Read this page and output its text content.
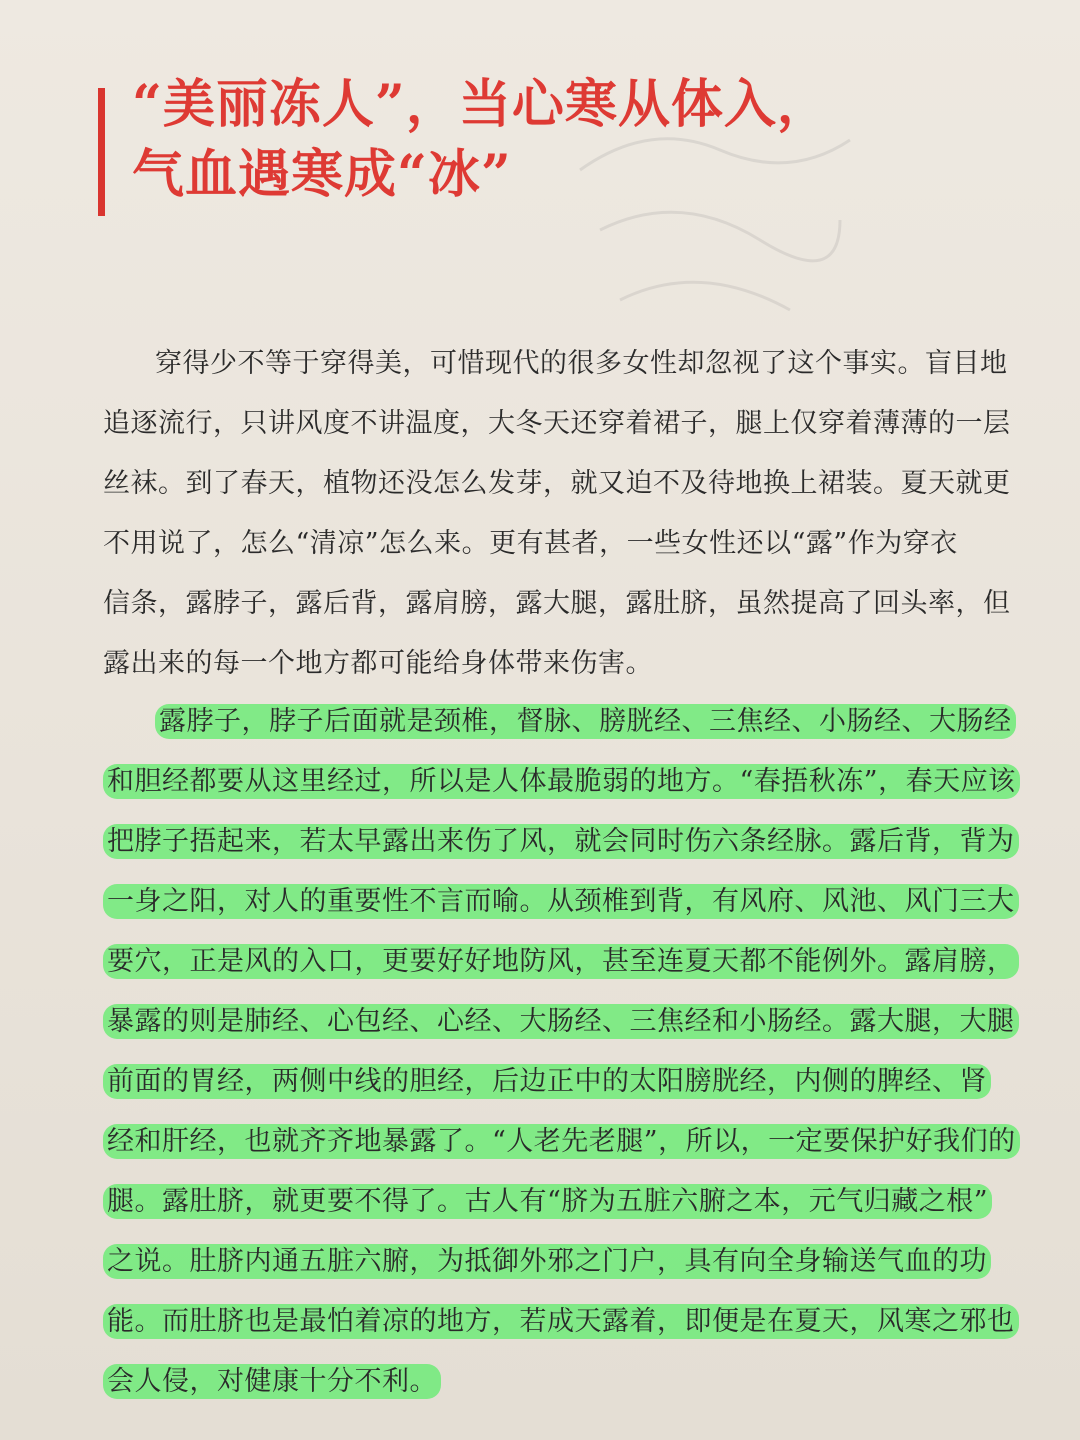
“美丽冻人”，当心寒从体入，
气血遇寒成“冰”
穿得少不等于穿得美，可惜现代的很多女性却忽视了这个事实。盲目地
追逐流行，只讲风度不讲温度，大冬天还穿着裙子，腿上仅穿着薄薄的一层
丝袜。到了春天，植物还没怎么发芽，就又迫不及待地换上裙装。夏天就更
不用说了，怎么“清凉”怎么来。更有甚者，一些女性还以“露”作为穿衣
信条，露脖子，露后背，露肩膀，露大腿，露肚脐，虽然提高了回头率，但
露出来的每一个地方都可能给身体带来伤害。
露脖子，脖子后面就是颈椎，督脉、膀胱经、三焦经、小肠经、大肠经
和胆经都要从这里经过，所以是人体最脆弱的地方。“春捂秋冻”，春天应该
把脖子捂起来，若太早露出来伤了风，就会同时伤六条经脉。露后背，背为
一身之阳，对人的重要性不言而喻。从颈椎到背，有风府、风池、风门三大
要穴，正是风的入口，更要好好地防风，甚至连夏天都不能例外。露肩膀，
暴露的则是肺经、心包经、心经、大肠经、三焦经和小肠经。露大腿，大腿
前面的胃经，两侧中线的胆经，后边正中的太阳膀胱经，内侧的脾经、肾
经和肝经，也就齐齐地暴露了。“人老先老腿”，所以，一定要保护好我们的
腿。露肚脐，就更要不得了。古人有“脐为五脏六腑之本，元气归藏之根”
之说。肚脐内通五脏六腑，为抵御外邪之门户，具有向全身输送气血的功
能。而肚脐也是最怕着凉的地方，若成天露着，即便是在夏天，风寒之邪也
会人侵，对健康十分不利。
